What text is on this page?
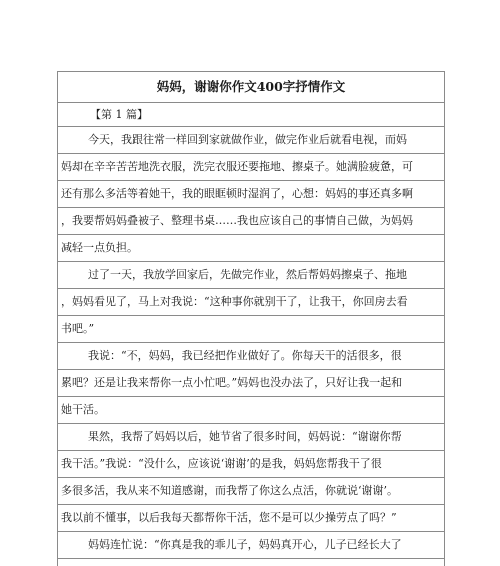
妈妈，谢谢你作文400字抒情作文
【第 1 篇】
今天，我跟往常一样回到家就做作业，做完作业后就看电视，而妈
妈却在辛辛苦苦地洗衣服，洗完衣服还要拖地、擦桌子。她满脸疲惫，可
还有那么多活等着她干，我的眼眶顿时湿润了，心想：妈妈的事还真多啊
，我要帮妈妈叠被子、整理书桌……我也应该自己的事情自己做，为妈妈
减轻一点负担。
过了一天，我放学回家后，先做完作业，然后帮妈妈擦桌子、拖地
，妈妈看见了，马上对我说：“这种事你就别干了，让我干，你回房去看
书吧。”
我说：“不，妈妈，我已经把作业做好了。你每天干的活很多，很
累吧？还是让我来帮你一点小忙吧。”妈妈也没办法了，只好让我一起和
她干活。
果然，我帮了妈妈以后，她节省了很多时间，妈妈说：“谢谢你帮
我干活。”我说：“没什么，应该说‘谢谢’的是我，妈妈您帮我干了很
多很多活，我从来不知道感谢，而我帮了你这么点活，你就说‘谢谢’。
我以前不懂事，以后我每天都帮你干活，您不是可以少操劳点了吗？”
妈妈连忙说：“你真是我的乖儿子，妈妈真开心，儿子已经长大了
